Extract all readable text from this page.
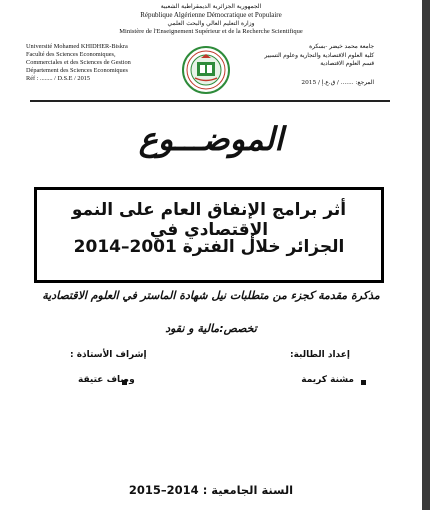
الجمهورية الجزائرية الديمقراطية الشعبية
République Algérienne Démocratique et Populaire
وزارة التعليم العالي والبحث العلمي
Ministère de l'Enseignement Supérieur et de la Recherche Scientifique
Université Mohamed KHIDHER-Biskra
Faculté des Sciences Economiques,
Commerciales et des Sciences de Gestion
Département des Sciences Economiques
Réf : ........ / D.S.E / 2015
جامعة محمد خيضر -بسكرة
كلية العلوم الاقتصادية والتجارية وعلوم التسيير
قسم العلوم الاقتصادية
المرجع: ....... / ق.ع.إ / 2015
الموضـــوع
أثر برامج الإنفاق العام على النمو الإقتصادي في
الجزائر خلال الفترة 2001–2014
مذكرة مقدمة كجزء من متطلبات نيل شهادة الماستر في العلوم الاقتصادية
تخصص:مالية و نقود
إعداد الطالبة:
إشراف الأستاذة :
مشنة كريمة
وصاف عتيقة
السنة الجامعية : 2014–2015
